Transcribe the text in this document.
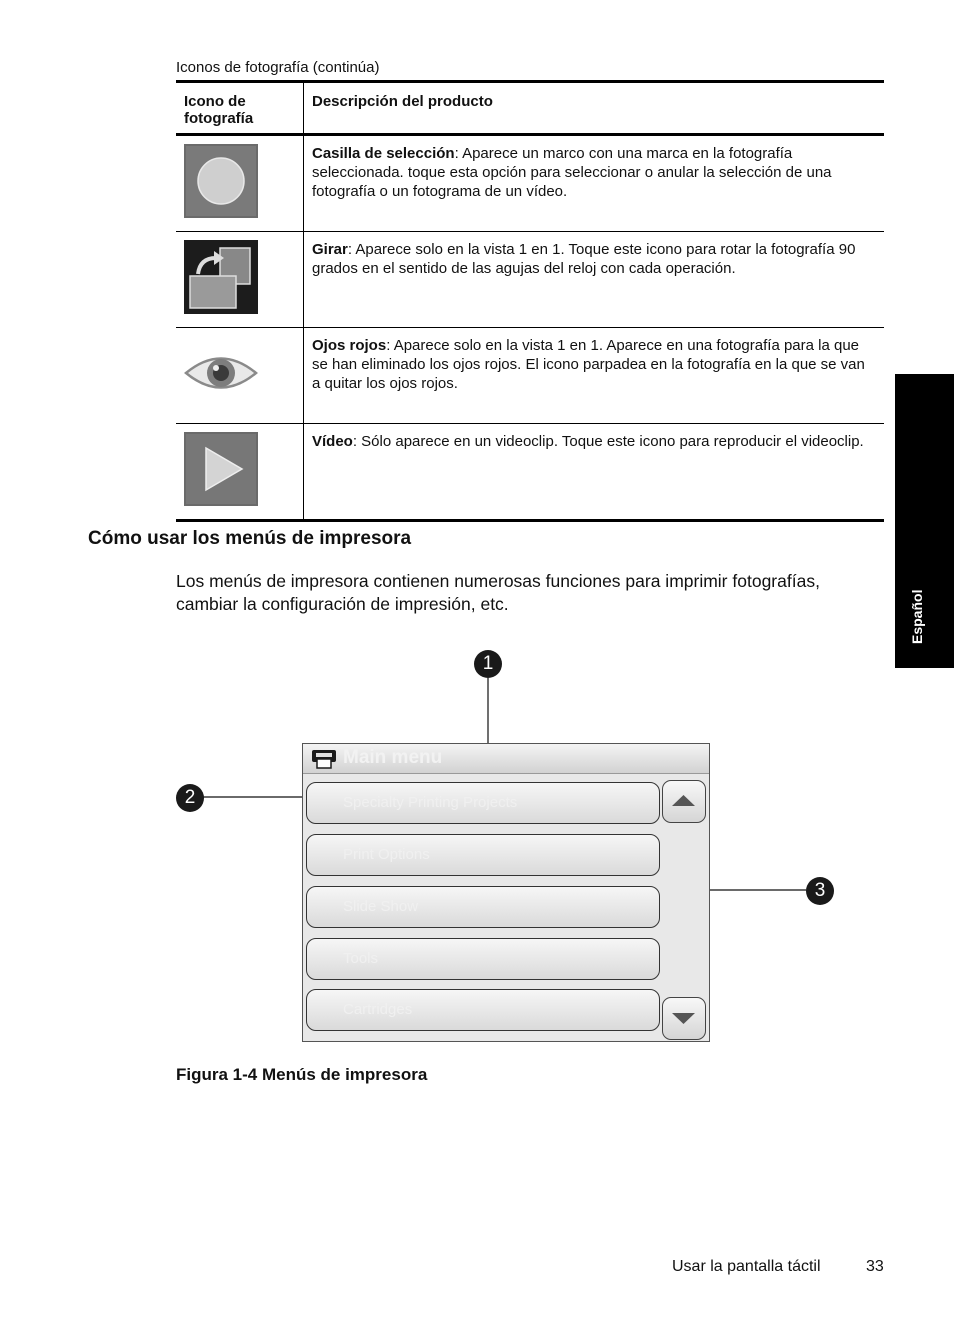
Iconos de fotografía (continúa)
Icono de fotografía	Descripción del producto
	Casilla de selección: Aparece un marco con una marca en la fotografía seleccionada. toque esta opción para seleccionar o anular la selección de una fotografía o un fotograma de un vídeo.
	Girar: Aparece solo en la vista 1 en 1. Toque este icono para rotar la fotografía 90 grados en el sentido de las agujas del reloj con cada operación.
	Ojos rojos: Aparece solo en la vista 1 en 1. Aparece en una fotografía para la que se han eliminado los ojos rojos. El icono parpadea en la fotografía en la que se van a quitar los ojos rojos.
	Vídeo: Sólo aparece en un videoclip. Toque este icono para reproducir el videoclip.
Cómo usar los menús de impresora

Los menús de impresora contienen numerosas funciones para imprimir fotografías, cambiar la configuración de impresión, etc.	Español
1
2
3
Main menu
Specialty Printing Projects
Print Options
Slide Show
Tools
Cartridges
Figura 1-4 Menús de impresora
Usar la pantalla táctil	33
